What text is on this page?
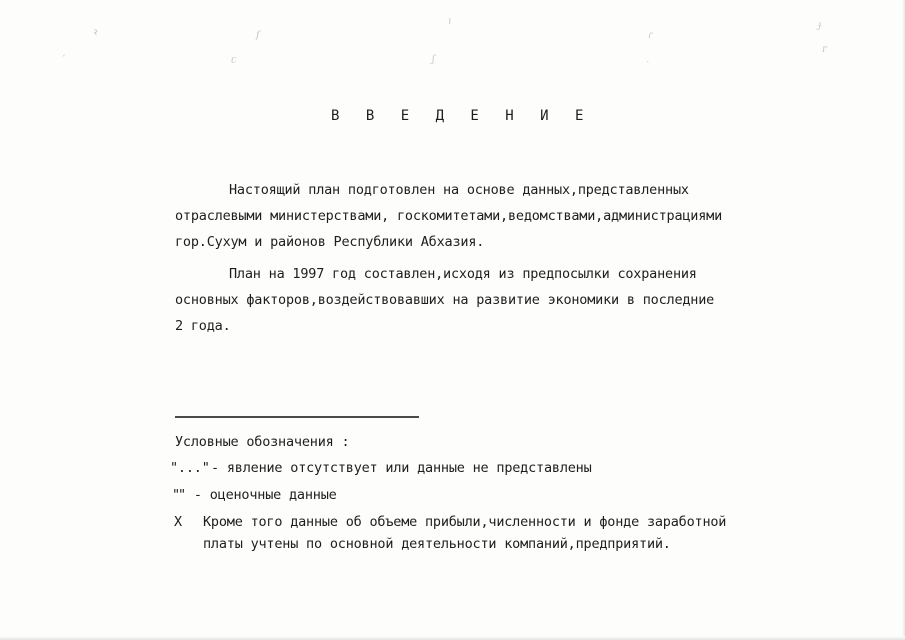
ꝛ
ˊ
ſ
ꞇ
ɩ
ʃ
ɾ
ˎ
ɟ
ᴦ
В В Е Д Е Н И Е
Настоящий план подготовлен на основе данных,представленных
отраслевыми министерствами, госкомитетами,ведомствами,администрациями
гор.Сухум и районов Республики Абхазия.
План на 1997 год составлен,исходя из предпосылки сохранения
основных факторов,воздействовавших на развитие экономики в последние
2 года.
Условные обозначения :
"..." - явление отсутствует или данные не представлены
"
" - оценочные данные
Х Кроме того данные об объеме прибыли,численности и фонде заработной
платы учтены по основной деятельности компаний,предприятий.
